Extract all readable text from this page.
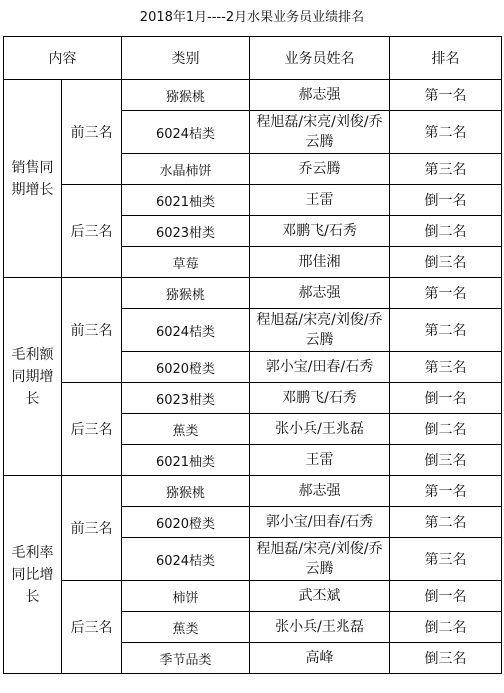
2018年1月----2月水果业务员业绩排名
内容		类别	业务员姓名	排名
销售同期增长	前三名	猕猴桃	郝志强	第一名
		6024桔类	程旭磊/宋亮/刘俊/乔云腾	第二名
		水晶柿饼	乔云腾	第三名
	后三名	6021柚类	王雷	倒一名
		6023柑类	邓鹏飞/石秀	倒二名
		草莓	邢佳湘	倒三名
毛利额同期增长	前三名	猕猴桃	郝志强	第一名
		6024桔类	程旭磊/宋亮/刘俊/乔云腾	第二名
		6020橙类	郭小宝/田春/石秀	第三名
	后三名	6023柑类	邓鹏飞/石秀	倒一名
		蕉类	张小兵/王兆磊	倒二名
		6021柚类	王雷	倒三名
毛利率同比增长	前三名	猕猴桃	郝志强	第一名
		6020橙类	郭小宝/田春/石秀	第二名
		6024桔类	程旭磊/宋亮/刘俊/乔云腾	第三名
	后三名	柿饼	武丕斌	倒一名
		蕉类	张小兵/王兆磊	倒二名
		季节品类	高峰	倒三名
